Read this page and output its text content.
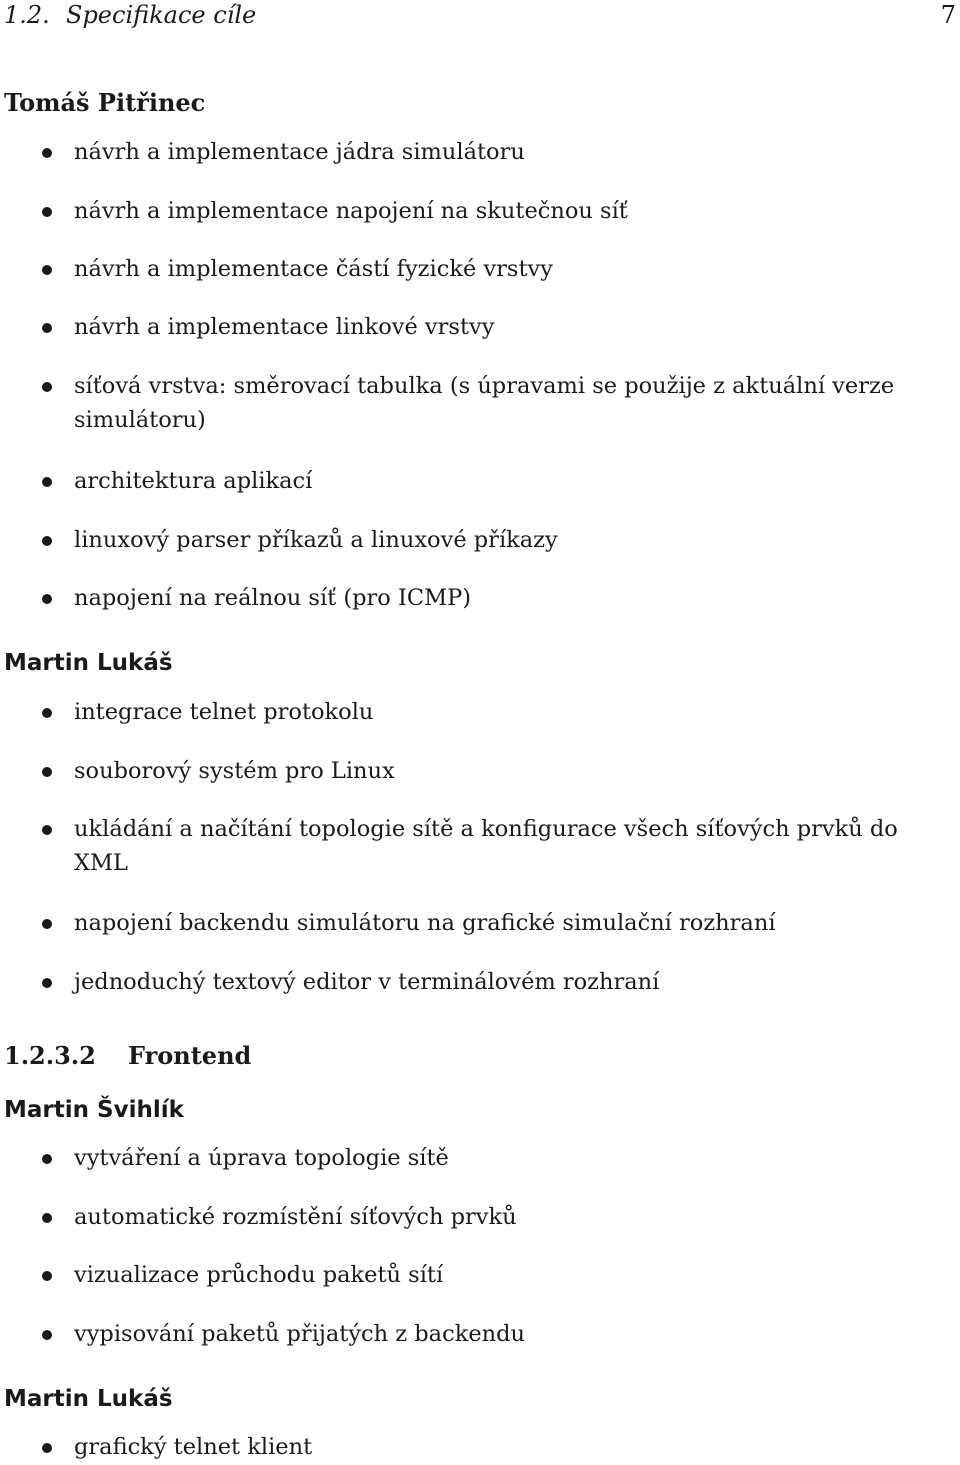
1.2. Specifikace cíle	7
Tomáš Pitřinec
návrh a implementace jádra simulátoru
návrh a implementace napojení na skutečnou síť
návrh a implementace částí fyzické vrstvy
návrh a implementace linkové vrstvy
síťová vrstva: směrovací tabulka (s úpravami se použije z aktuální verze simulátoru)
architektura aplikací
linuxový parser příkazů a linuxové příkazy
napojení na reálnou síť (pro ICMP)
Martin Lukáš
integrace telnet protokolu
souborový systém pro Linux
ukládání a načítání topologie sítě a konfigurace všech síťových prvků do XML
napojení backendu simulátoru na grafické simulační rozhraní
jednoduchý textový editor v terminálovém rozhraní
1.2.3.2 Frontend
Martin Švihlík
vytváření a úprava topologie sítě
automatické rozmístění síťových prvků
vizualizace průchodu paketů sítí
vypisování paketů přijatých z backendu
Martin Lukáš
grafický telnet klient
